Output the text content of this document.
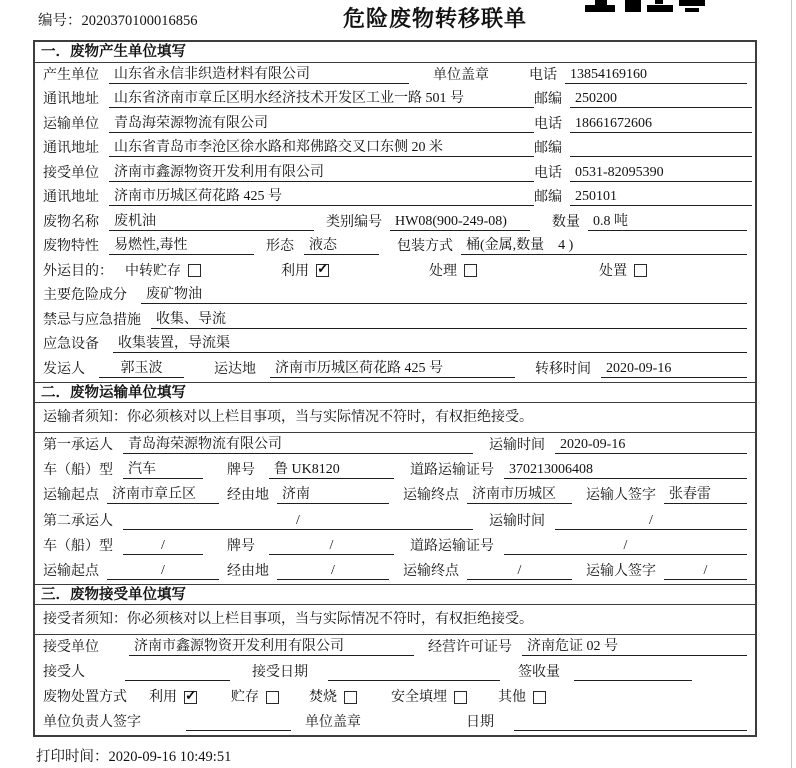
编号：2020370100016856	危险废物转移联单
一．废物产生单位填写
产生单位	山东省永信非织造材料有限公司	单位盖章	电话 13854169160
通讯地址	山东省济南市章丘区明水经济技术开发区工业一路 501 号	邮编 250200
运输单位	青岛海荣源物流有限公司	电话 18661672606
通讯地址	山东省青岛市李沧区徐水路和郑佛路交叉口东侧 20 米	邮编
接受单位	济南市鑫源物资开发利用有限公司	电话 0531-82095390
通讯地址	济南市历城区荷花路 425 号	邮编 250101
废物名称	废机油	类别编号 HW08(900-249-08)	数量 0.8 吨
废物特性	易燃性,毒性	形态	液态	包装方式 桶(金属,数量　4 )
外运目的： 中转贮存	利用 ✓	处理	处置
主要危险成分	废矿物油
禁忌与应急措施	收集、导流
应急设备	收集装置，导流渠
发运人	郭玉波	运达地	济南市历城区荷花路 425 号	转移时间	2020-09-16
二．废物运输单位填写
运输者须知：你必须核对以上栏目事项，当与实际情况不符时，有权拒绝接受。
第一承运人	青岛海荣源物流有限公司	运输时间	2020-09-16
车（船）型	汽车	牌号	鲁 UK8120	道路运输证号	370213006408
运输起点 济南市章丘区	经由地 济南	运输终点 济南市历城区	运输人签字 张春雷
第二承运人	/	运输时间	/
车（船）型	/	牌号	/	道路运输证号	/
运输起点	/	经由地	/	运输终点	/	运输人签字	/
三．废物接受单位填写
接受者须知：你必须核对以上栏目事项，当与实际情况不符时，有权拒绝接受。
接受单位	济南市鑫源物资开发利用有限公司	经营许可证号	济南危证 02 号
接受人	接受日期	签收量
废物处置方式 利用 ✓	贮存	焚烧	安全填埋	其他
单位负责人签字	单位盖章	日期
打印时间：2020-09-16 10:49:51
